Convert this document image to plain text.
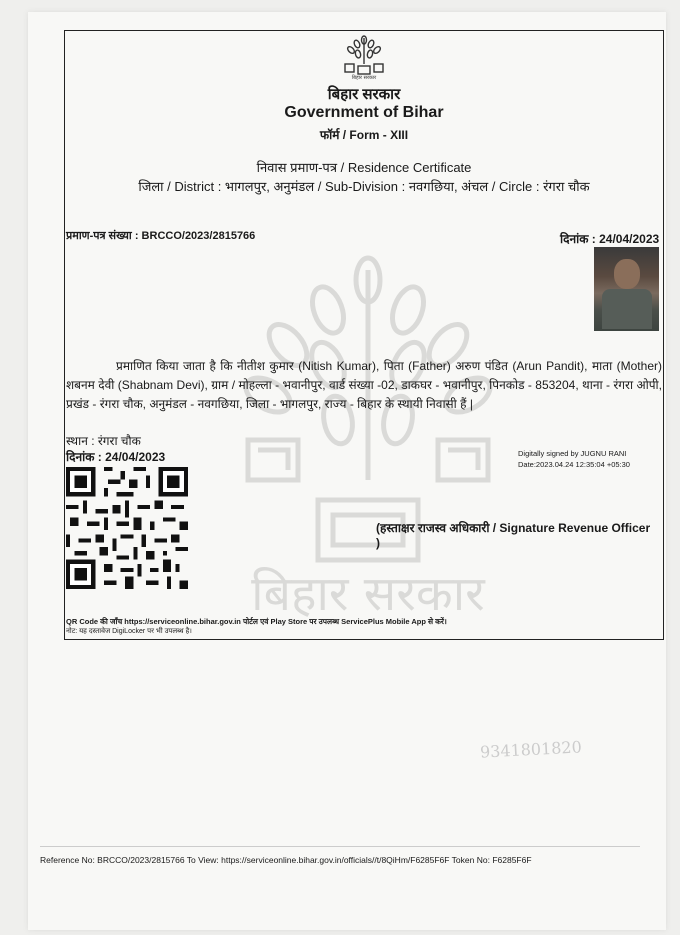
बिहार सरकार
बिहार सरकार
बिहार सरकार
Government of Bihar
फॉर्म / Form - XIII
निवास प्रमाण-पत्र / Residence Certificate
जिला / District : भागलपुर, अनुमंडल / Sub-Division : नवगछिया, अंचल / Circle : रंगरा चौक
प्रमाण-पत्र संख्या : BRCCO/2023/2815766	दिनांक : 24/04/2023
प्रमाणित किया जाता है कि नीतीश कुमार (Nitish Kumar), पिता (Father) अरुण पंडित (Arun Pandit), माता (Mother) शबनम देवी (Shabnam Devi), ग्राम / मोहल्ला - भवानीपुर, वार्ड संख्या -02, डाकघर - भवानीपुर, पिनकोड - 853204, थाना - रंगरा ओपी, प्रखंड - रंगरा चौक, अनुमंडल - नवगछिया, जिला - भागलपुर, राज्य - बिहार के स्थायी निवासी हैं |
स्थान : रंगरा चौक
दिनांक : 24/04/2023	Digitally signed by JUGNU RANI
Date:2023.04.24 12:35:04 +05:30
(हस्ताक्षर राजस्व अधिकारी / Signature Revenue Officer )
QR Code की जाँच https://serviceonline.bihar.gov.in पोर्टल एवं Play Store पर उपलब्ध ServicePlus Mobile App से करें।
नोट: यह दस्तावेज DigiLocker पर भी उपलब्ध है।
9341801820
Reference No: BRCCO/2023/2815766 To View: https://serviceonline.bihar.gov.in/officials//t/8QiHm/F6285F6F Token No: F6285F6F
